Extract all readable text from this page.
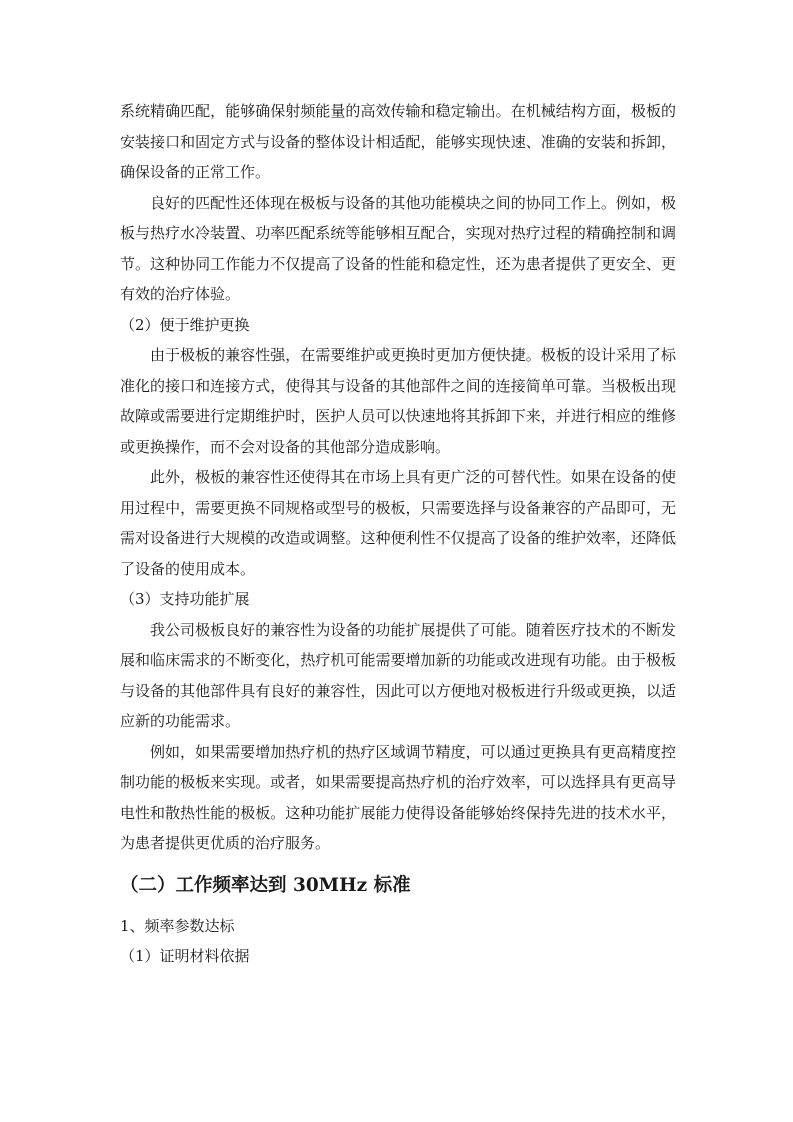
系统精确匹配，能够确保射频能量的高效传输和稳定输出。在机械结构方面，极板的安装接口和固定方式与设备的整体设计相适配，能够实现快速、准确的安装和拆卸，确保设备的正常工作。

良好的匹配性还体现在极板与设备的其他功能模块之间的协同工作上。例如，极板与热疗水冷装置、功率匹配系统等能够相互配合，实现对热疗过程的精确控制和调节。这种协同工作能力不仅提高了设备的性能和稳定性，还为患者提供了更安全、更有效的治疗体验。

（2）便于维护更换

由于极板的兼容性强，在需要维护或更换时更加方便快捷。极板的设计采用了标准化的接口和连接方式，使得其与设备的其他部件之间的连接简单可靠。当极板出现故障或需要进行定期维护时，医护人员可以快速地将其拆卸下来，并进行相应的维修或更换操作，而不会对设备的其他部分造成影响。

此外，极板的兼容性还使得其在市场上具有更广泛的可替代性。如果在设备的使用过程中，需要更换不同规格或型号的极板，只需要选择与设备兼容的产品即可，无需对设备进行大规模的改造或调整。这种便利性不仅提高了设备的维护效率，还降低了设备的使用成本。

（3）支持功能扩展

我公司极板良好的兼容性为设备的功能扩展提供了可能。随着医疗技术的不断发展和临床需求的不断变化，热疗机可能需要增加新的功能或改进现有功能。由于极板与设备的其他部件具有良好的兼容性，因此可以方便地对极板进行升级或更换，以适应新的功能需求。

例如，如果需要增加热疗机的热疗区域调节精度，可以通过更换具有更高精度控制功能的极板来实现。或者，如果需要提高热疗机的治疗效率，可以选择具有更高导电性和散热性能的极板。这种功能扩展能力使得设备能够始终保持先进的技术水平，为患者提供更优质的治疗服务。

（二）工作频率达到 30MHz 标准

1、频率参数达标

（1）证明材料依据
